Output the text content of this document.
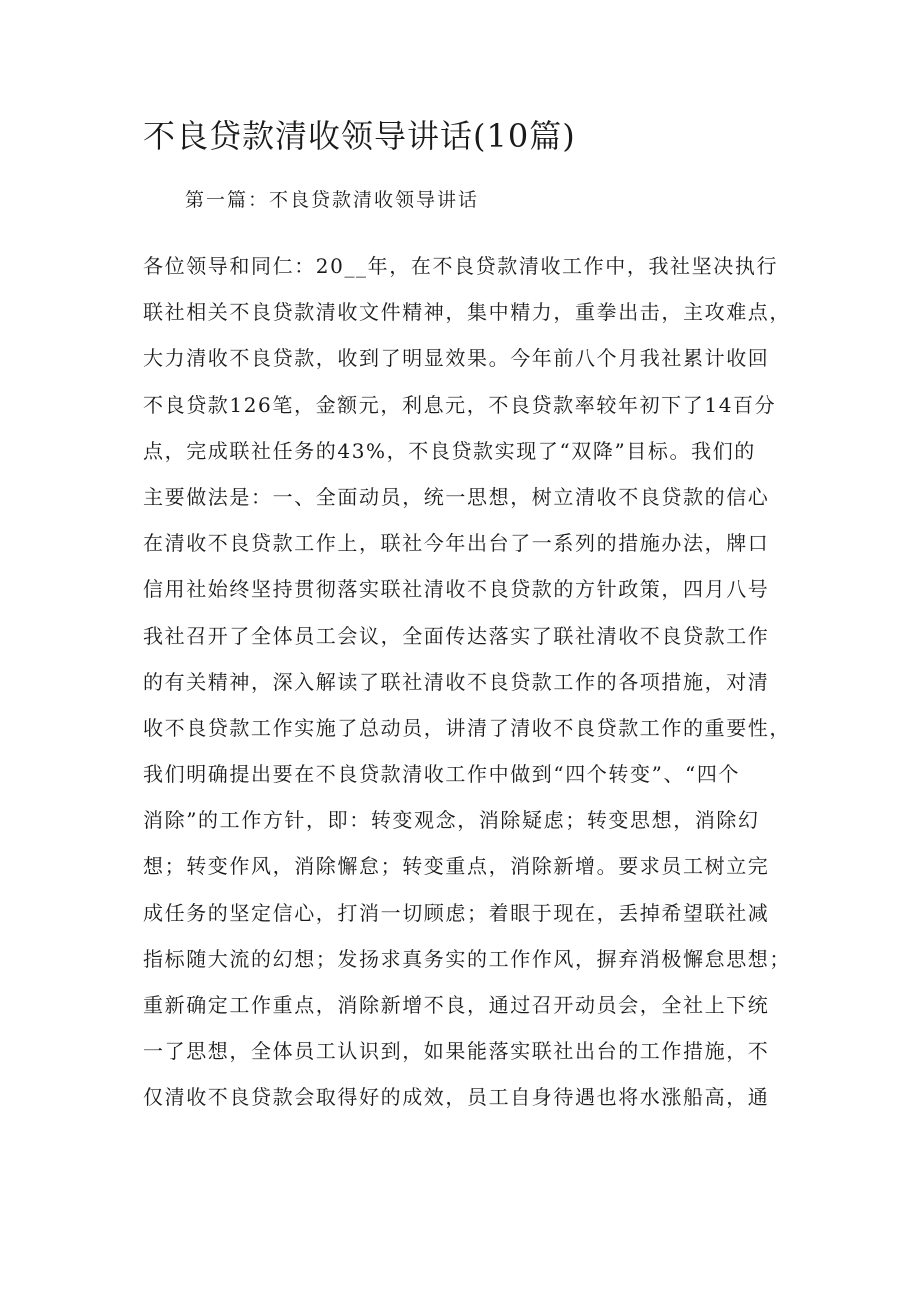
不良贷款清收领导讲话(10篇)
第一篇：不良贷款清收领导讲话
各位领导和同仁：20__年，在不良贷款清收工作中，我社坚决执行
联社相关不良贷款清收文件精神，集中精力，重拳出击，主攻难点，
大力清收不良贷款，收到了明显效果。今年前八个月我社累计收回
不良贷款126笔，金额元，利息元，不良贷款率较年初下了14百分
点，完成联社任务的43%，不良贷款实现了“双降”目标。我们的
主要做法是：一、全面动员，统一思想，树立清收不良贷款的信心
在清收不良贷款工作上，联社今年出台了一系列的措施办法，牌口
信用社始终坚持贯彻落实联社清收不良贷款的方针政策，四月八号
我社召开了全体员工会议，全面传达落实了联社清收不良贷款工作
的有关精神，深入解读了联社清收不良贷款工作的各项措施，对清
收不良贷款工作实施了总动员，讲清了清收不良贷款工作的重要性，
我们明确提出要在不良贷款清收工作中做到“四个转变”、“四个
消除”的工作方针，即：转变观念，消除疑虑；转变思想，消除幻
想；转变作风，消除懈怠；转变重点，消除新增。要求员工树立完
成任务的坚定信心，打消一切顾虑；着眼于现在，丢掉希望联社减
指标随大流的幻想；发扬求真务实的工作作风，摒弃消极懈怠思想；
重新确定工作重点，消除新增不良，通过召开动员会，全社上下统
一了思想，全体员工认识到，如果能落实联社出台的工作措施，不
仅清收不良贷款会取得好的成效，员工自身待遇也将水涨船高，通
